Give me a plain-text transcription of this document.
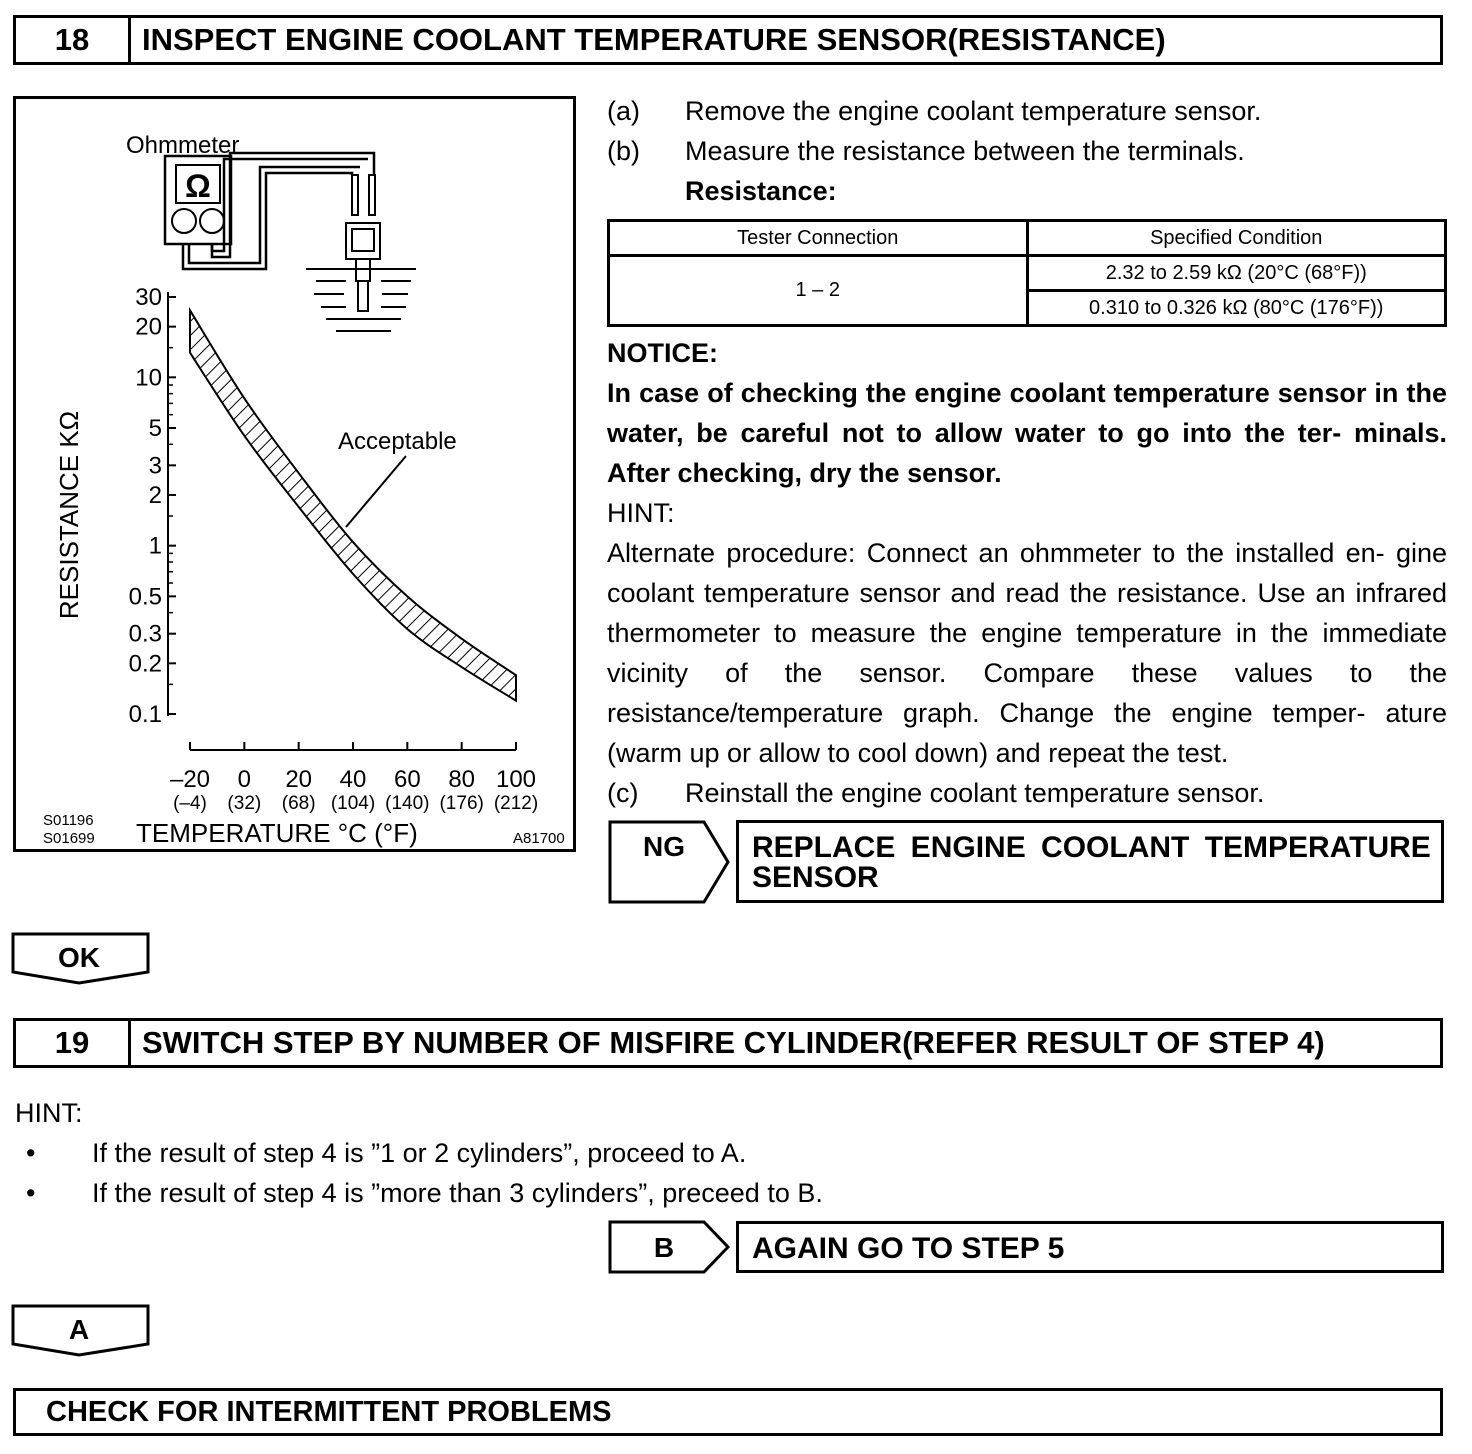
18	INSPECT ENGINE COOLANT TEMPERATURE SENSOR(RESISTANCE)
Ω
Ohmmeter
30
20
10
5
3
2
1
0.5
0.3
0.2
0.1
–20
(–4)
0
(32)
20
(68)
40
(104)
60
(140)
80
(176)
100
(212)
Acceptable
RESISTANCE KΩ
TEMPERATURE °C (°F)
S01196
S01699	A81700
(a) Remove the engine coolant temperature sensor.
(b) Measure the resistance between the terminals.
Resistance:
Tester Connection	Specified Condition
1 – 2	2.32 to 2.59 kΩ (20°C (68°F))
	0.310 to 0.326 kΩ (80°C (176°F))
NOTICE:
In case of checking the engine coolant temperature sensor in the water, be careful not to allow water to go into the ter- minals. After checking, dry the sensor.
HINT:
Alternate procedure: Connect an ohmmeter to the installed en- gine coolant temperature sensor and read the resistance. Use an infrared thermometer to measure the engine temperature in the immediate vicinity of the sensor. Compare these values to the resistance/temperature graph. Change the engine temper- ature (warm up or allow to cool down) and repeat the test.
(c) Reinstall the engine coolant temperature sensor.
NG REPLACE ENGINE COOLANT TEMPERATURE
SENSOR
OK
19	SWITCH STEP BY NUMBER OF MISFIRE CYLINDER(REFER RESULT OF STEP 4)
HINT:
• If the result of step 4 is ”1 or 2 cylinders”, proceed to A.
• If the result of step 4 is ”more than 3 cylinders”, preceed to B.
B	AGAIN GO TO STEP 5
A
CHECK FOR INTERMITTENT PROBLEMS
